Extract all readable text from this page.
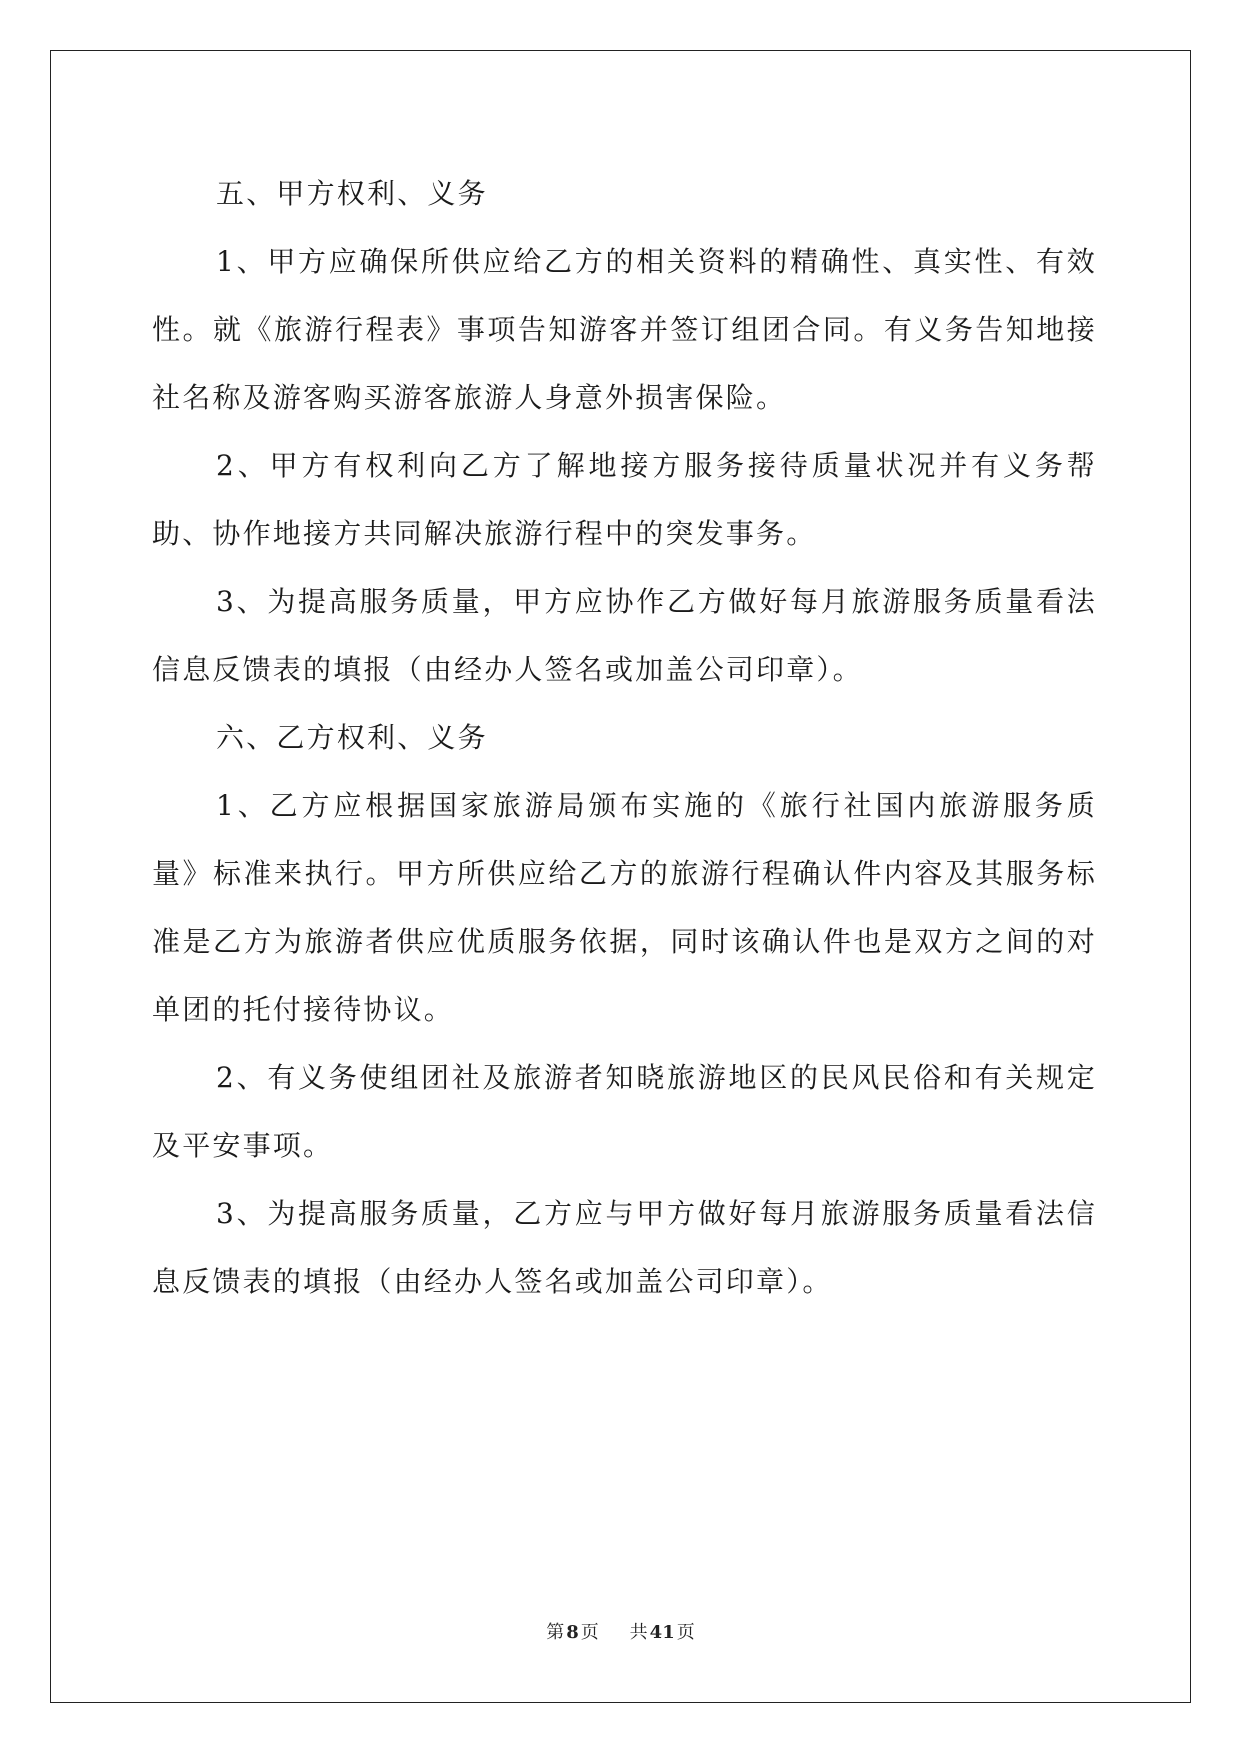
五、甲方权利、义务

1、甲方应确保所供应给乙方的相关资料的精确性、真实性、有效性。就《旅游行程表》事项告知游客并签订组团合同。有义务告知地接社名称及游客购买游客旅游人身意外损害保险。

2、甲方有权利向乙方了解地接方服务接待质量状况并有义务帮助、协作地接方共同解决旅游行程中的突发事务。

3、为提高服务质量，甲方应协作乙方做好每月旅游服务质量看法信息反馈表的填报（由经办人签名或加盖公司印章）。

六、乙方权利、义务

1、乙方应根据国家旅游局颁布实施的《旅行社国内旅游服务质量》标准来执行。甲方所供应给乙方的旅游行程确认件内容及其服务标准是乙方为旅游者供应优质服务依据，同时该确认件也是双方之间的对单团的托付接待协议。

2、有义务使组团社及旅游者知晓旅游地区的民风民俗和有关规定及平安事项。

3、为提高服务质量，乙方应与甲方做好每月旅游服务质量看法信息反馈表的填报（由经办人签名或加盖公司印章）。

第 8 页 共 41 页
